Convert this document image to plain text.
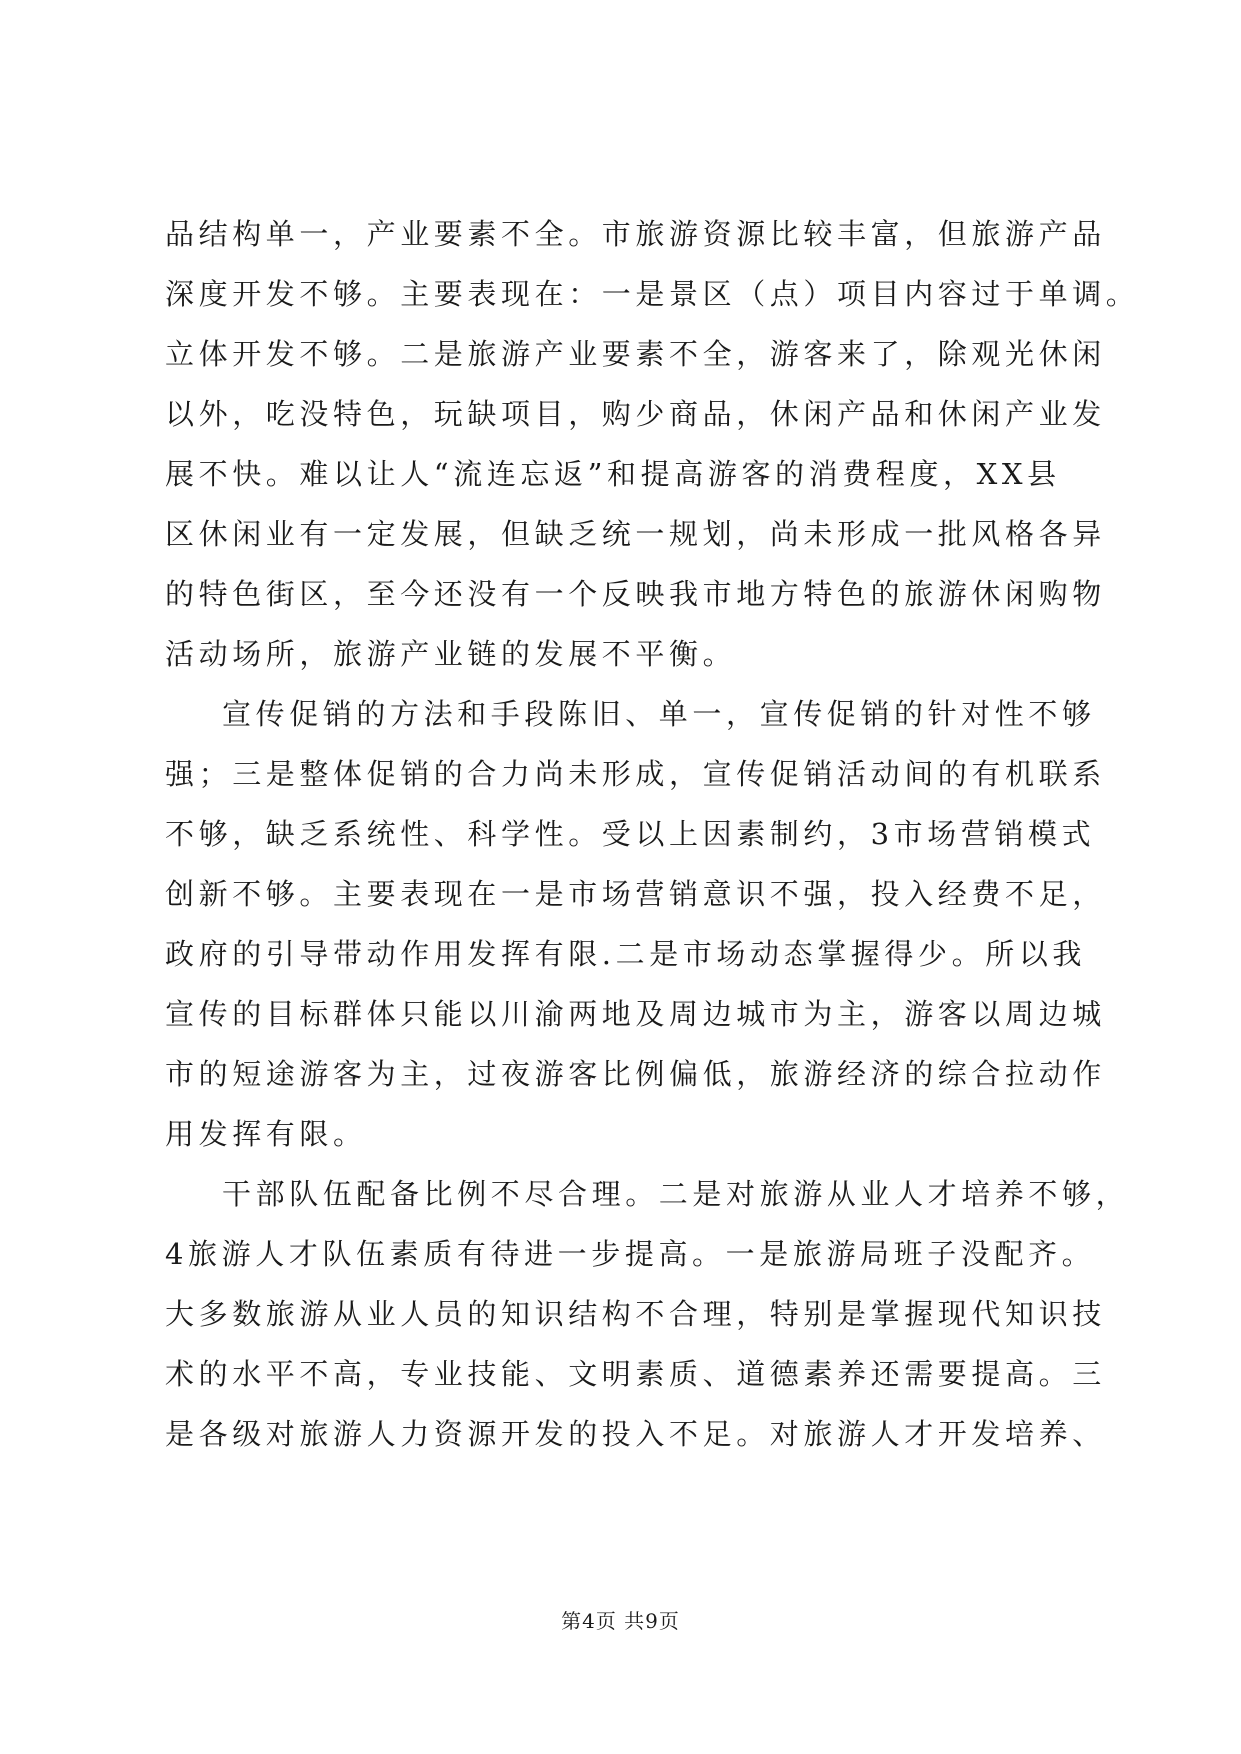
品结构单一，产业要素不全。市旅游资源比较丰富，但旅游产品
深度开发不够。主要表现在：一是景区（点）项目内容过于单调。
立体开发不够。二是旅游产业要素不全，游客来了，除观光休闲
以外，吃没特色，玩缺项目，购少商品，休闲产品和休闲产业发
展不快。难以让人“流连忘返”和提高游客的消费程度，XX县
区休闲业有一定发展，但缺乏统一规划，尚未形成一批风格各异
的特色街区，至今还没有一个反映我市地方特色的旅游休闲购物
活动场所，旅游产业链的发展不平衡。
宣传促销的方法和手段陈旧、单一，宣传促销的针对性不够
强；三是整体促销的合力尚未形成，宣传促销活动间的有机联系
不够，缺乏系统性、科学性。受以上因素制约，3市场营销模式
创新不够。主要表现在一是市场营销意识不强，投入经费不足，
政府的引导带动作用发挥有限.二是市场动态掌握得少。所以我
宣传的目标群体只能以川渝两地及周边城市为主，游客以周边城
市的短途游客为主，过夜游客比例偏低，旅游经济的综合拉动作
用发挥有限。
干部队伍配备比例不尽合理。二是对旅游从业人才培养不够，
4旅游人才队伍素质有待进一步提高。一是旅游局班子没配齐。
大多数旅游从业人员的知识结构不合理，特别是掌握现代知识技
术的水平不高，专业技能、文明素质、道德素养还需要提高。三
是各级对旅游人力资源开发的投入不足。对旅游人才开发培养、
第4页 共9页
